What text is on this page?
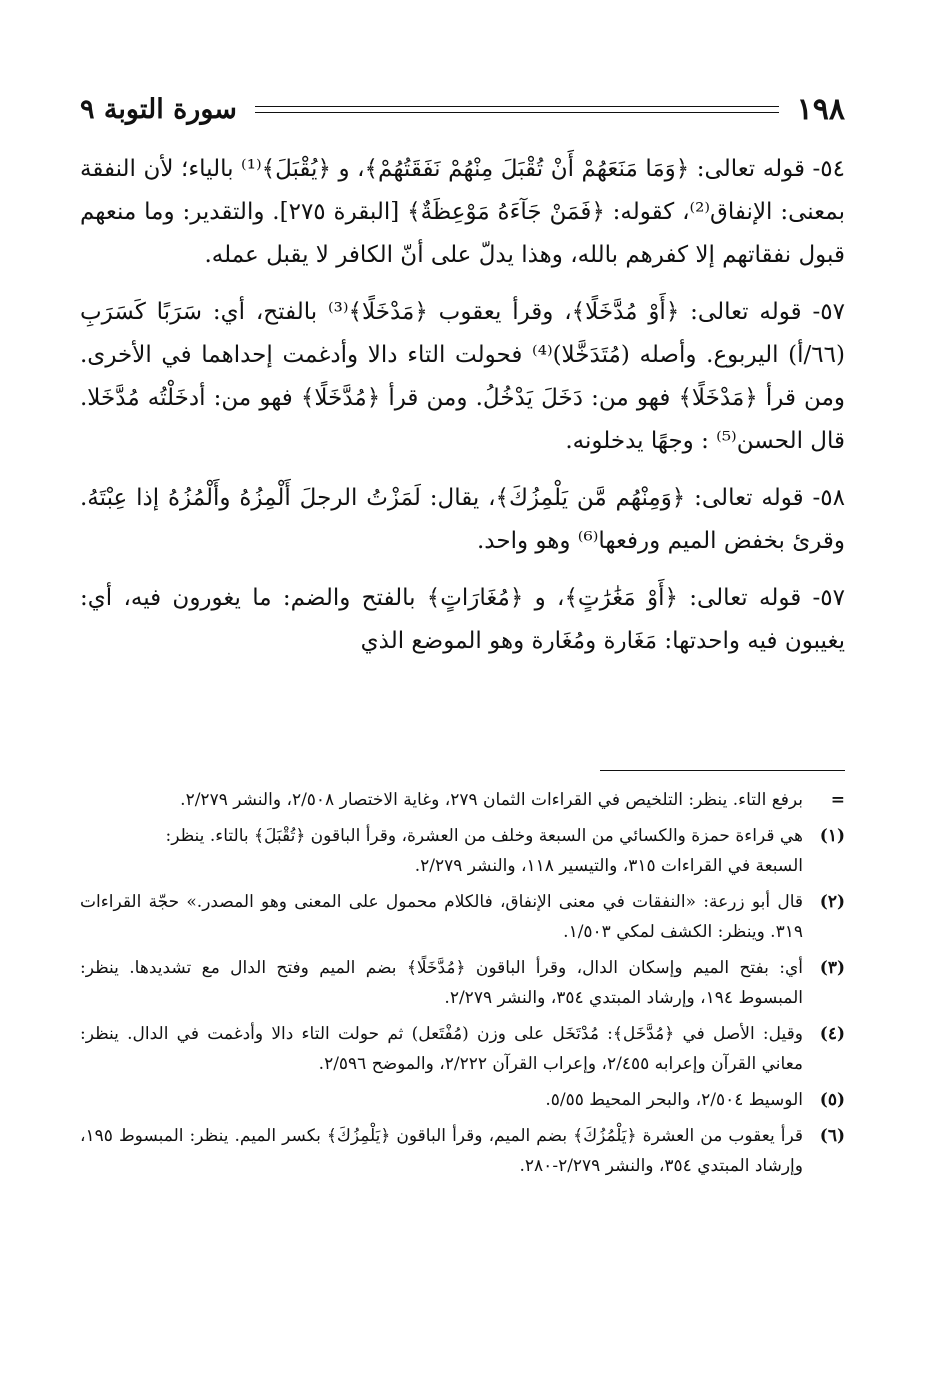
١٩٨
سورة التوبة ٩

٥٤- قوله تعالى: ﴿وَمَا مَنَعَهُمْ أَنْ تُقْبَلَ مِنْهُمْ نَفَقَتُهُمْ﴾، و ﴿يُقْبَلَ﴾⁽¹⁾ بالياء؛ لأن النفقة بمعنى: الإنفاق⁽²⁾، كقوله: ﴿فَمَنْ جَآءَهُ مَوْعِظَةٌ﴾ [البقرة ٢٧٥]. والتقدير: وما منعهم قبول نفقاتهم إلا كفرهم بالله، وهذا يدلّ على أنّ الكافر لا يقبل عمله.

٥٧- قوله تعالى: ﴿أَوْ مُدَّخَلًا﴾، وقرأ يعقوب ﴿مَدْخَلًا﴾⁽³⁾ بالفتح، أي: سَرَبًا كَسَرَبِ (٦٦/أ) اليربوع. وأصله (مُتَدَخَّلا)⁽⁴⁾ فحولت التاء دالا وأدغمت إحداهما في الأخرى. ومن قرأ ﴿مَدْخَلًا﴾ فهو من: دَخَلَ يَدْخُلُ. ومن قرأ ﴿مُدَّخَلًا﴾ فهو من: أدخَلْتُه مُدَّخَلا. قال الحسن⁽⁵⁾ : وجهًا يدخلونه.

٥٨- قوله تعالى: ﴿وَمِنْهُم مَّن يَلْمِزُكَ﴾، يقال: لَمَزْتُ الرجلَ أَلْمِزُهُ وأَلْمُزُهُ إذا عِبْتَهُ. وقرئ بخفض الميم ورفعها⁽⁶⁾ وهو واحد.

٥٧- قوله تعالى: ﴿أَوْ مَغَٰرَٰتٍ﴾، و ﴿مُغَارَاتٍ﴾ بالفتح والضم: ما يغورون فيه، أي: يغيبون فيه واحدتها: مَغَارة ومُغَارة وهو الموضع الذي

=

برفع التاء. ينظر: التلخيص في القراءات الثمان ٢٧٩، وغاية الاختصار ٢/٥٠٨، والنشر ٢/٢٧٩.

(١)

هي قراءة حمزة والكسائي من السبعة وخلف من العشرة، وقرأ الباقون ﴿تُقْبَلَ﴾ بالتاء. ينظر:

السبعة في القراءات ٣١٥، والتيسير ١١٨، والنشر ٢/٢٧٩.

(٢)

قال أبو زرعة: «النفقات في معنى الإنفاق، فالكلام محمول على المعنى وهو المصدر.» حجّة القراءات ٣١٩. وينظر: الكشف لمكي ١/٥٠٣.

(٣)

أي: بفتح الميم وإسكان الدال، وقرأ الباقون ﴿مُدَّخَلًا﴾ بضم الميم وفتح الدال مع تشديدها. ينظر: المبسوط ١٩٤، وإرشاد المبتدي ٣٥٤، والنشر ٢/٢٧٩.

(٤)

وقيل: الأصل في ﴿مُدَّخَل﴾: مُدْتَخَل على وزن (مُفْتَعل) ثم حولت التاء دالا وأدغمت في الدال. ينظر: معاني القرآن وإعرابه ٢/٤٥٥، وإعراب القرآن ٢/٢٢٢، والموضح ٢/٥٩٦.

(٥)

الوسيط ٢/٥٠٤، والبحر المحيط ٥/٥٥.

(٦)

قرأ يعقوب من العشرة ﴿يَلْمُزُكَ﴾ بضم الميم، وقرأ الباقون ﴿يَلْمِزُكَ﴾ بكسر الميم. ينظر: المبسوط ١٩٥، وإرشاد المبتدي ٣٥٤، والنشر ٢/٢٧٩-٢٨٠.
